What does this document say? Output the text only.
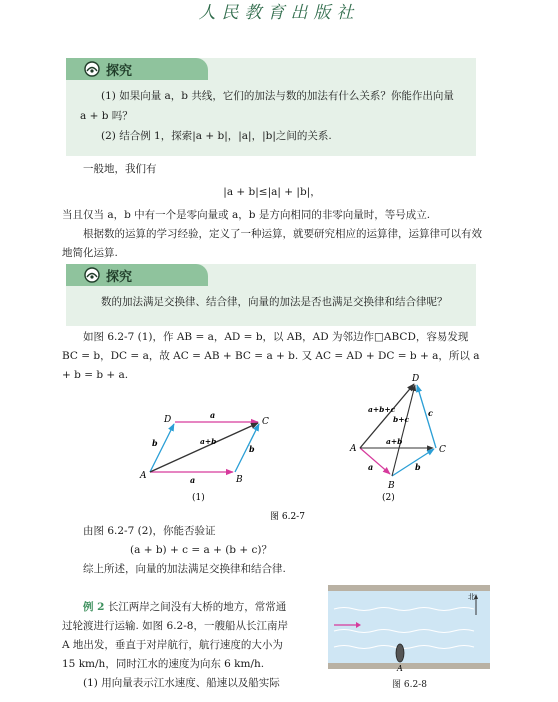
人民教育出版社
探究

(1) 如果向量 a，b 共线，它们的加法与数的加法有什么关系？你能作出向量 a + b 吗？

(2) 结合例 1，探索|a + b|，|a|，|b|之间的关系.

一般地，我们有

|a + b|≤|a| + |b|，

当且仅当 a，b 中有一个是零向量或 a，b 是方向相同的非零向量时，等号成立.

根据数的运算的学习经验，定义了一种运算，就要研究相应的运算律，运算律可以有效地简化运算.

探究

数的加法满足交换律、结合律，向量的加法是否也满足交换律和结合律呢？

如图 6.2-7 (1)，作 AB = a，AD = b，以 AB，AD 为邻边作□ABCD，容易发现

BC = b，DC = a，故 AC = AB + BC = a + b. 又 AC = AD + DC = b + a，所以 a + b = b + a.

A	B
C
D	a
a
b
b
a+b
(1)
A
B
C
D
a+b+c
b+c
c
b
a
a+b
(2)
图 6.2-7

由图 6.2-7 (2)，你能否验证

(a + b) + c = a + (b + c)？

综上所述，向量的加法满足交换律和结合律.

例 2 长江两岸之间没有大桥的地方，常常通

过轮渡进行运输. 如图 6.2-8，一艘船从长江南岸

A 地出发，垂直于对岸航行，航行速度的大小为

15 km/h，同时江水的速度为向东 6 km/h.

(1) 用向量表示江水速度、船速以及船实际

北
A
图 6.2-8
